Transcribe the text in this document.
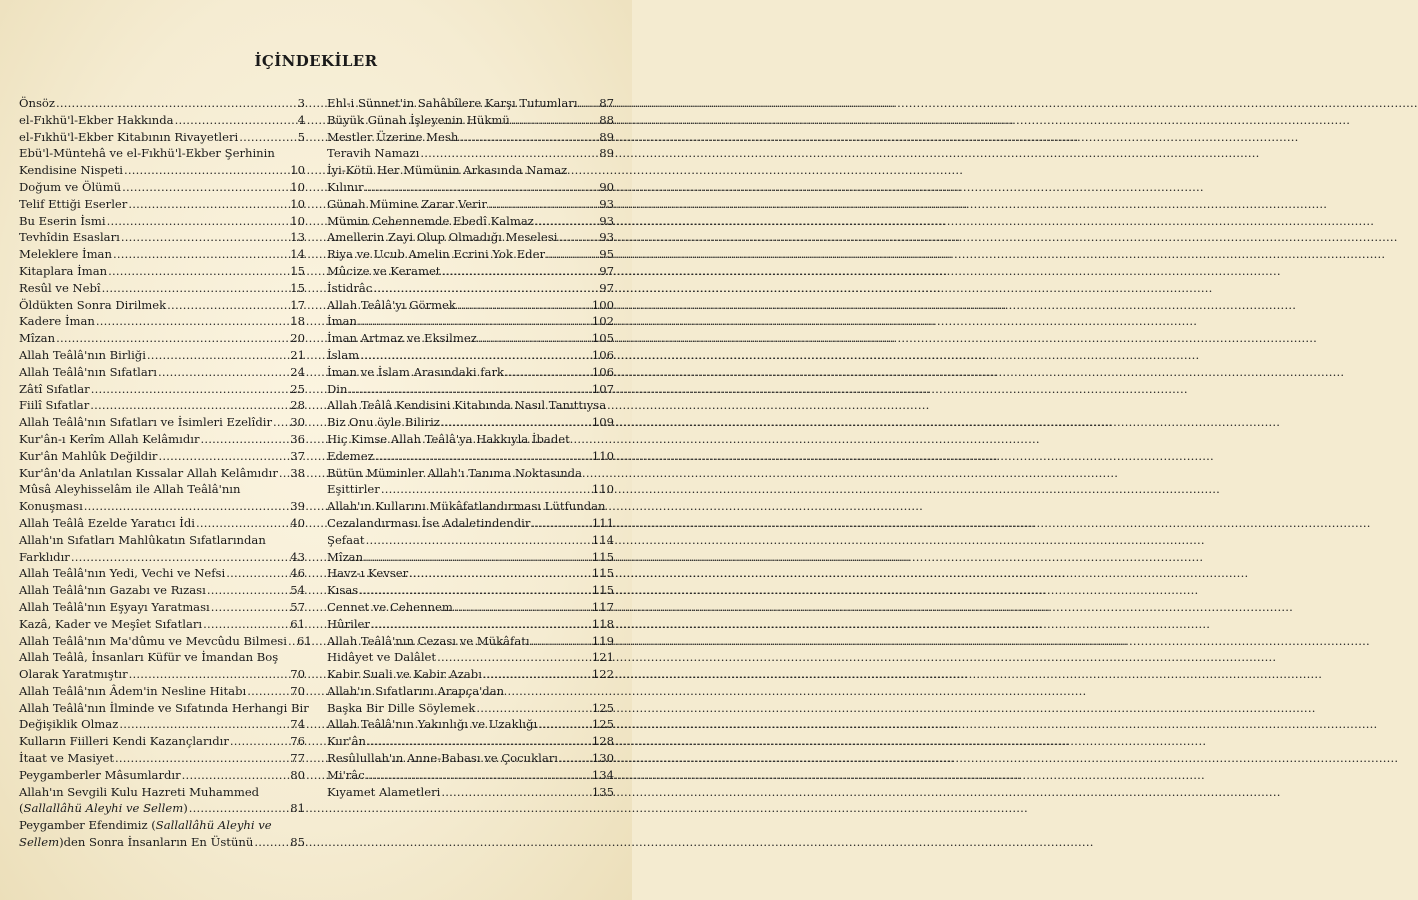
İÇİNDEKİLER
Önsöz .....	3
el-Fıkhü'l-Ekber Hakkında .....	4
el-Fıkhü'l-Ekber Kitabının Rivayetleri .....	5
Ebü'l-Müntehâ ve el-Fıkhü'l-Ekber Şerhinin
Kendisine Nispeti .....	10
Doğum ve Ölümü .....	10
Telif Ettiği Eserler .....	10
Bu Eserin İsmi .....	10
Tevhîdin Esasları .....	13
Meleklere İman .....	14
Kitaplara İman .....	15
Resûl ve Nebî .....	15
Öldükten Sonra Dirilmek .....	17
Kadere İman .....	18
Mîzan .....	20
Allah Teâlâ'nın Birliği .....	21
Allah Teâlâ'nın Sıfatları .....	24
Zâtî Sıfatlar .....	25
Fiilî Sıfatlar .....	28
Allah Teâlâ'nın Sıfatları ve İsimleri Ezelîdir ..... 30
Kur'ân-ı Kerîm Allah Kelâmıdır .....	36
Kur'ân Mahlûk Değildir .....	37
Kur'ân'da Anlatılan Kıssalar Allah Kelâmıdır ..... 38
Mûsâ Aleyhisselâm ile Allah Teâlâ'nın
Konuşması .....	39
Allah Teâlâ Ezelde Yaratıcı İdi .....	40
Allah'ın Sıfatları Mahlûkatın Sıfatlarından
Farklıdır .....	43
Allah Teâlâ'nın Yedi, Vechi ve Nefsi .....	46
Allah Teâlâ'nın Gazabı ve Rızası .....	54
Allah Teâlâ'nın Eşyayı Yaratması .....	57
Kazâ, Kader ve Meşîet Sıfatları .....	61
Allah Teâlâ'nın Ma'dûmu ve Mevcûdu Bilmesi ..... 61
Allah Teâlâ, İnsanları Küfür ve İmandan Boş
Olarak Yaratmıştır .....	70
Allah Teâlâ'nın Âdem'in Nesline Hitabı .....	70
Allah Teâlâ'nın İlminde ve Sıfatında Herhangi Bir
Değişiklik Olmaz .....	74
Kulların Fiilleri Kendi Kazançlarıdır .....	76
İtaat ve Masiyet .....	77
Peygamberler Mâsumlardır .....	80
Allah'ın Sevgili Kulu Hazreti Muhammed
(Sallallâhü Aleyhi ve Sellem) .....	81
Peygamber Efendimiz (Sallallâhü Aleyhi ve
Sellem)den Sonra İnsanların En Üstünü .....	85
Ehl-i Sünnet'in Sahâbîlere Karşı Tutumları ..... 87
Büyük Günah İşleyenin Hükmü .....	88
Mestler Üzerine Mesh .....	89
Teravih Namazı .....	89
İyi-Kötü Her Mümünin Arkasında Namaz
Kılınır .....	90
Günah Mümine Zarar Verir .....	93
Mümin Cehennemde Ebedî Kalmaz .....	93
Amellerin Zayi Olup Olmadığı Meselesi .....	93
Riya ve Ucub Amelin Ecrini Yok Eder .....	95
Mûcize ve Keramet .....	97
İstidrâc .....	97
Allah Teâlâ'yı Görmek .....	100
İman .....	102
İman Artmaz ve Eksilmez .....	105
İslam .....	106
İman ve İslam Arasındaki fark .....	106
Din .....	107
Allah Teâlâ Kendisini Kitabında Nasıl Tanıttıysa
Biz Onu öyle Biliriz .....	109
Hiç Kimse Allah Teâlâ'ya Hakkıyla İbadet
Edemez .....	110
Bütün Müminler Allah'ı Tanıma Noktasında
Eşittirler .....	110
Allah'ın Kullarını Mükâfatlandırması Lütfundan
Cezalandırması İse Adaletindendir .....	111
Şefaat .....	114
Mîzan .....	115
Havz-ı Kevser .....	115
Kısas .....	115
Cennet ve Cehennem .....	117
Hûriler .....	118
Allah Teâlâ'nın Cezası ve Mükâfatı .....	119
Hidâyet ve Dalâlet .....	121
Kabir Suali ve Kabir Azabı .....	122
Allah'ın Sıfatlarını Arapça'dan
Başka Bir Dille Söylemek .....	125
Allah Teâlâ'nın Yakınlığı ve Uzaklığı .....	125
Kur'ân .....	128
Resûlullah'ın Anne-Babası ve Çocukları .....	130
Mi'râc .....	134
Kıyamet Alametleri .....	135
